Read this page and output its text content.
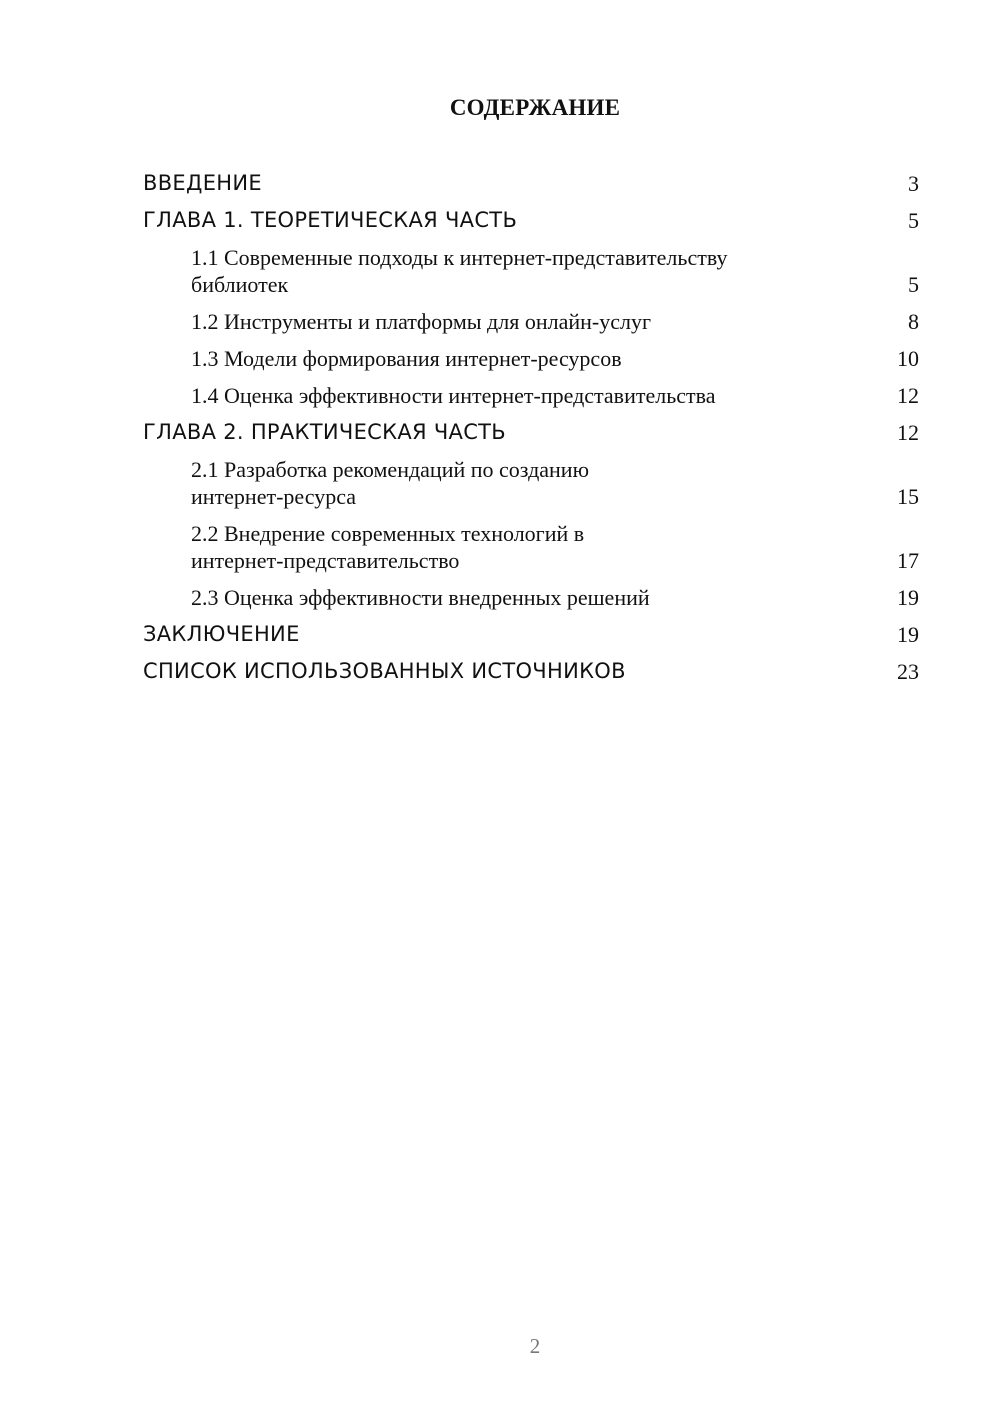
СОДЕРЖАНИЕ
ВВЕДЕНИЕ	3
ГЛАВА 1. ТЕОРЕТИЧЕСКАЯ ЧАСТЬ	5
1.1 Современные подходы к интернет-представительству
библиотек	5
1.2 Инструменты и платформы для онлайн-услуг	8
1.3 Модели формирования интернет-ресурсов	10
1.4 Оценка эффективности интернет-представительства	12
ГЛАВА 2. ПРАКТИЧЕСКАЯ ЧАСТЬ	12
2.1 Разработка рекомендаций по созданию
интернет-ресурса	15
2.2 Внедрение современных технологий в
интернет-представительство	17
2.3 Оценка эффективности внедренных решений	19
ЗАКЛЮЧЕНИЕ	19
СПИСОК ИСПОЛЬЗОВАННЫХ ИСТОЧНИКОВ	23
2
